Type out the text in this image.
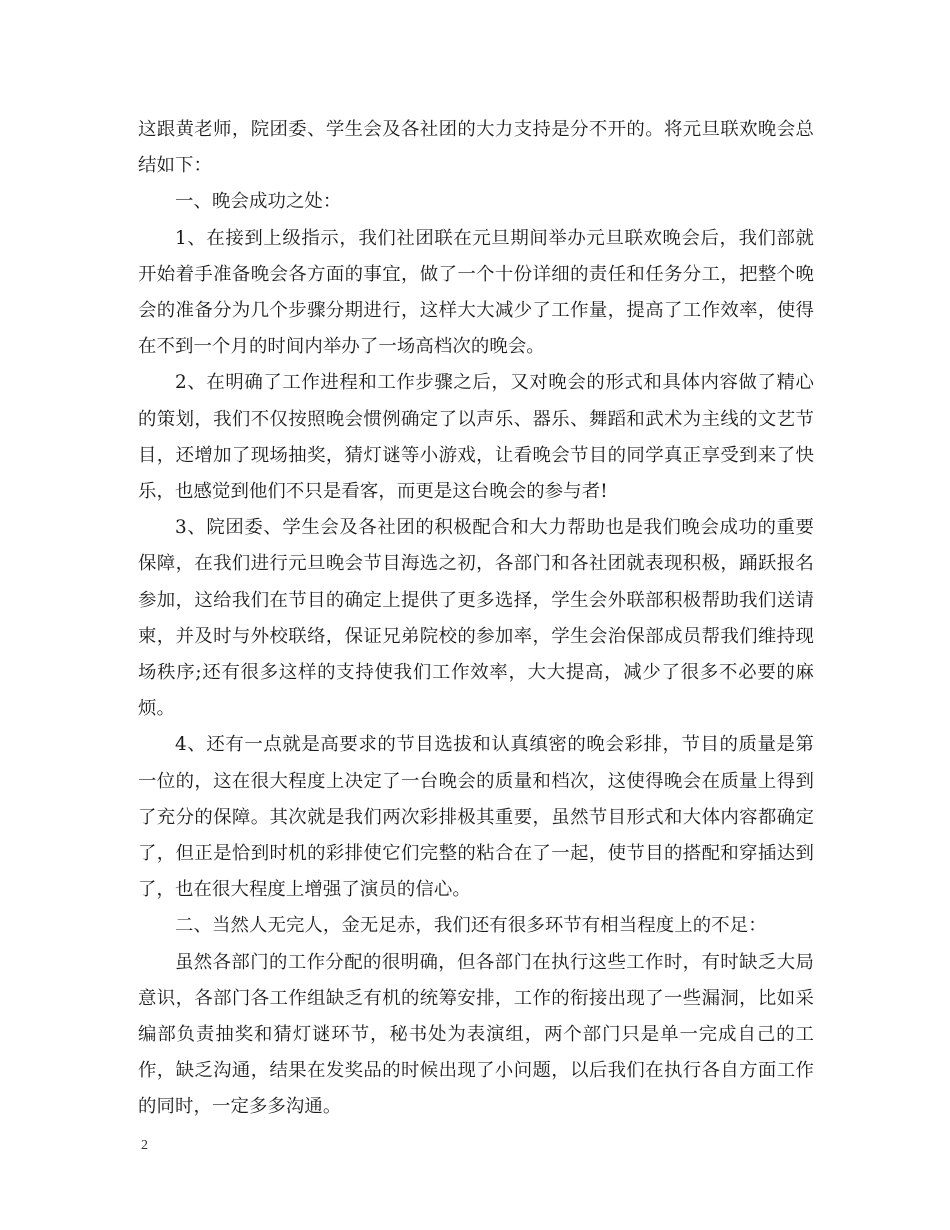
这跟黄老师，院团委、学生会及各社团的大力支持是分不开的。将元旦联欢晚会总结如下：

一、晚会成功之处：

1、在接到上级指示，我们社团联在元旦期间举办元旦联欢晚会后，我们部就开始着手准备晚会各方面的事宜，做了一个十份详细的责任和任务分工，把整个晚会的准备分为几个步骤分期进行，这样大大减少了工作量，提高了工作效率，使得在不到一个月的时间内举办了一场高档次的晚会。

2、在明确了工作进程和工作步骤之后，又对晚会的形式和具体内容做了精心的策划，我们不仅按照晚会惯例确定了以声乐、器乐、舞蹈和武术为主线的文艺节目，还增加了现场抽奖，猜灯谜等小游戏，让看晚会节目的同学真正享受到来了快乐，也感觉到他们不只是看客，而更是这台晚会的参与者!

3、院团委、学生会及各社团的积极配合和大力帮助也是我们晚会成功的重要保障，在我们进行元旦晚会节目海选之初，各部门和各社团就表现积极，踊跃报名参加，这给我们在节目的确定上提供了更多选择，学生会外联部积极帮助我们送请柬，并及时与外校联络，保证兄弟院校的参加率，学生会治保部成员帮我们维持现场秩序;还有很多这样的支持使我们工作效率，大大提高，减少了很多不必要的麻烦。

4、还有一点就是高要求的节目选拔和认真缜密的晚会彩排，节目的质量是第一位的，这在很大程度上决定了一台晚会的质量和档次，这使得晚会在质量上得到了充分的保障。其次就是我们两次彩排极其重要，虽然节目形式和大体内容都确定了，但正是恰到时机的彩排使它们完整的粘合在了一起，使节目的搭配和穿插达到了，也在很大程度上增强了演员的信心。

二、当然人无完人，金无足赤，我们还有很多环节有相当程度上的不足：

虽然各部门的工作分配的很明确，但各部门在执行这些工作时，有时缺乏大局意识，各部门各工作组缺乏有机的统筹安排，工作的衔接出现了一些漏洞，比如采编部负责抽奖和猜灯谜环节，秘书处为表演组，两个部门只是单一完成自己的工作，缺乏沟通，结果在发奖品的时候出现了小问题，以后我们在执行各自方面工作的同时，一定多多沟通。

2
